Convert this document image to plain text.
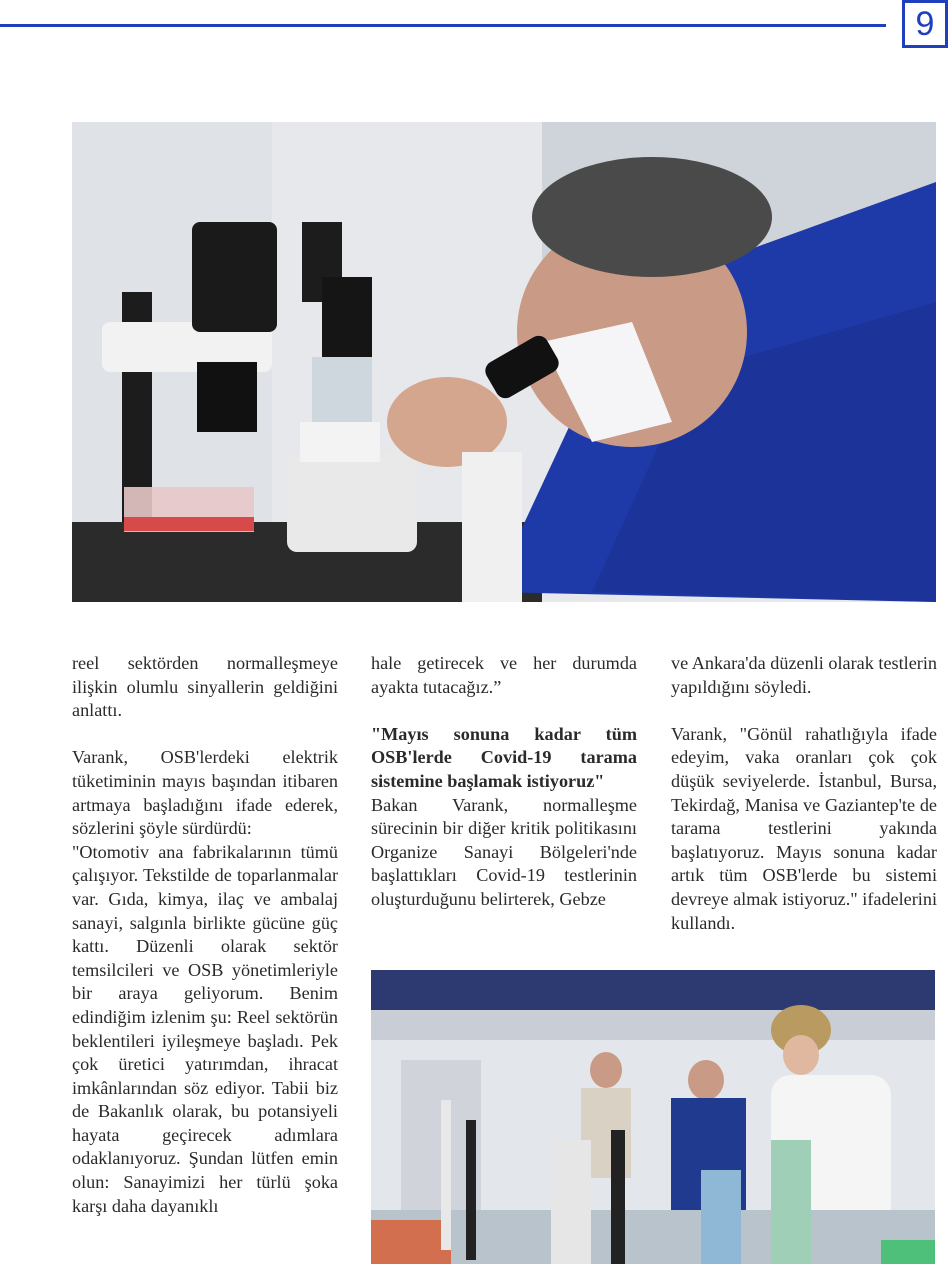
9

reel sektörden normalleşmeye ilişkin olumlu sinyallerin geldiğini anlattı.

Varank, OSB'lerdeki elektrik tüketiminin mayıs başından itibaren artmaya başladığını ifade ederek, sözlerini şöyle sürdürdü:

"Otomotiv ana fabrikalarının tümü çalışıyor. Tekstilde de toparlanmalar var. Gıda, kimya, ilaç ve ambalaj sanayi, salgınla birlikte gücüne güç kattı. Düzenli olarak sektör temsilcileri ve OSB yönetimleriyle bir araya geliyorum. Benim edindiğim izlenim şu: Reel sektörün beklentileri iyileşmeye başladı. Pek çok üretici yatırımdan, ihracat imkânlarından söz ediyor. Tabii biz de Bakanlık olarak, bu potansiyeli hayata geçirecek adımlara odaklanıyoruz. Şundan lütfen emin olun: Sanayimizi her türlü şoka karşı daha dayanıklı

hale getirecek ve her durumda ayakta tutacağız.”

"Mayıs sonuna kadar tüm OSB'lerde Covid-19 tarama sistemine başlamak istiyoruz"

Bakan Varank, normalleşme sürecinin bir diğer kritik politikasını Organize Sanayi Bölgeleri'nde başlattıkları Covid-19 testlerinin oluşturduğunu belirterek, Gebze

ve Ankara'da düzenli olarak testlerin yapıldığını söyledi.

Varank, "Gönül rahatlığıyla ifade edeyim, vaka oranları çok çok düşük seviyelerde. İstanbul, Bursa, Tekirdağ, Manisa ve Gaziantep'te de tarama testlerini yakında başlatıyoruz. Mayıs sonuna kadar artık tüm OSB'lerde bu sistemi devreye almak istiyoruz." ifadelerini kullandı.
